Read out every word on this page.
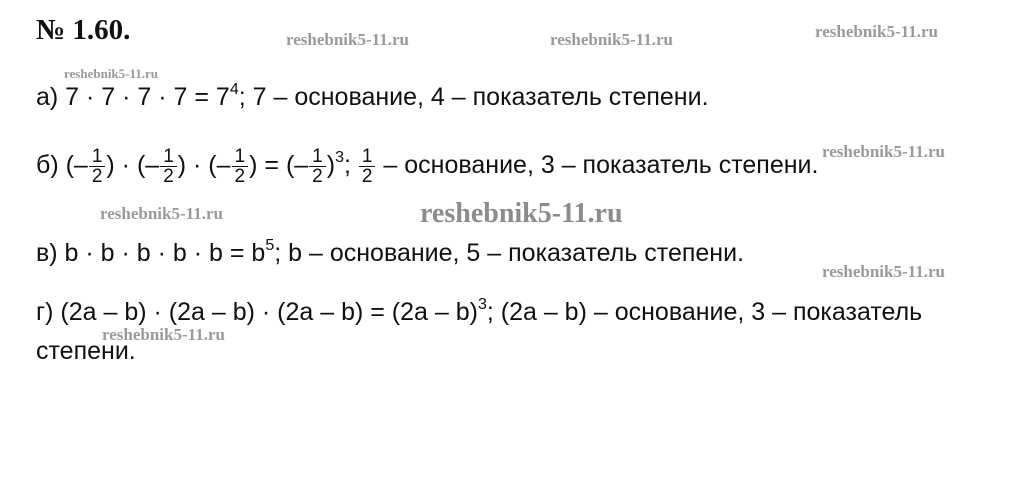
№ 1.60.	reshebnik5-11.ru	reshebnik5-11.ru	reshebnik5-11.ru
reshebnik5-11.ru
reshebnik5-11.ru
reshebnik5-11.ru	reshebnik5-11.ru
reshebnik5-11.ru
reshebnik5-11.ru
а) $7 \cdot 7 \cdot 7 \cdot 7 = 7^4$; 7 – основание, 4 – показатель степени.
б) (– $\frac{1}{2}$ ) · (– $\frac{1}{2}$ ) · (– $\frac{1}{2}$ ) = (– $\frac{1}{2} )^3$; $\frac{1}{2}$ – основание, 3 – показатель степени.
в) $b \cdot b \cdot b \cdot b \cdot b = b^5$; b – основание, 5 – показатель степени.
г) (2a – b) · (2a – b) · (2a – b) = (2a – b)$^3$; (2a – b) – основание, 3 – показатель
степени.
